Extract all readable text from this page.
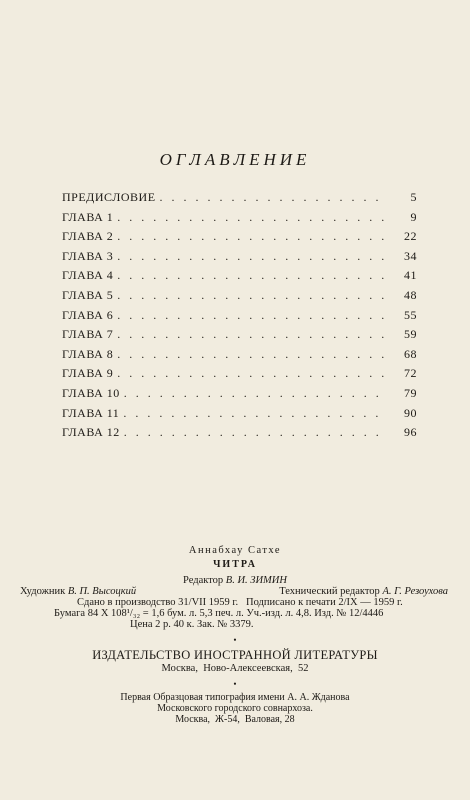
ОГЛАВЛЕНИЕ
ПРЕДИСЛОВИЕ . . .	5
ГЛАВА 1 . . .	9
ГЛАВА 2 . . .	22
ГЛАВА 3 . . .	34
ГЛАВА 4 . . .	41
ГЛАВА 5 . . .	48
ГЛАВА 6 . . .	55
ГЛАВА 7 . . .	59
ГЛАВА 8 . . .	68
ГЛАВА 9 . . .	72
ГЛАВА 10 . . .	79
ГЛАВА 11 . . .	90
ГЛАВА 12 . . .	96
Аннабхау Сатхе
ЧИТРА
Редактор В. И. ЗИМИН
Художник В. П. Высоцкий	Технический редактор А. Г. Резоухова
Сдано в производство 31/VII 1959 г.   Подписано к печати 2/IX — 1959 г.
Бумага 84 X 108¹/₃₂ = 1,6 бум. л. 5,3 печ. л. Уч.-изд. л. 4,8. Изд. № 12/4446
Цена 2 р. 40 к. Зак. № 3379.
•
ИЗДАТЕЛЬСТВО ИНОСТРАННОЙ ЛИТЕРАТУРЫ
Москва,  Ново-Алексеевская,  52
•
Первая Образцовая типография имени А. А. Жданова
Московского городского совнархоза.
Москва,  Ж-54,  Валовая, 28
